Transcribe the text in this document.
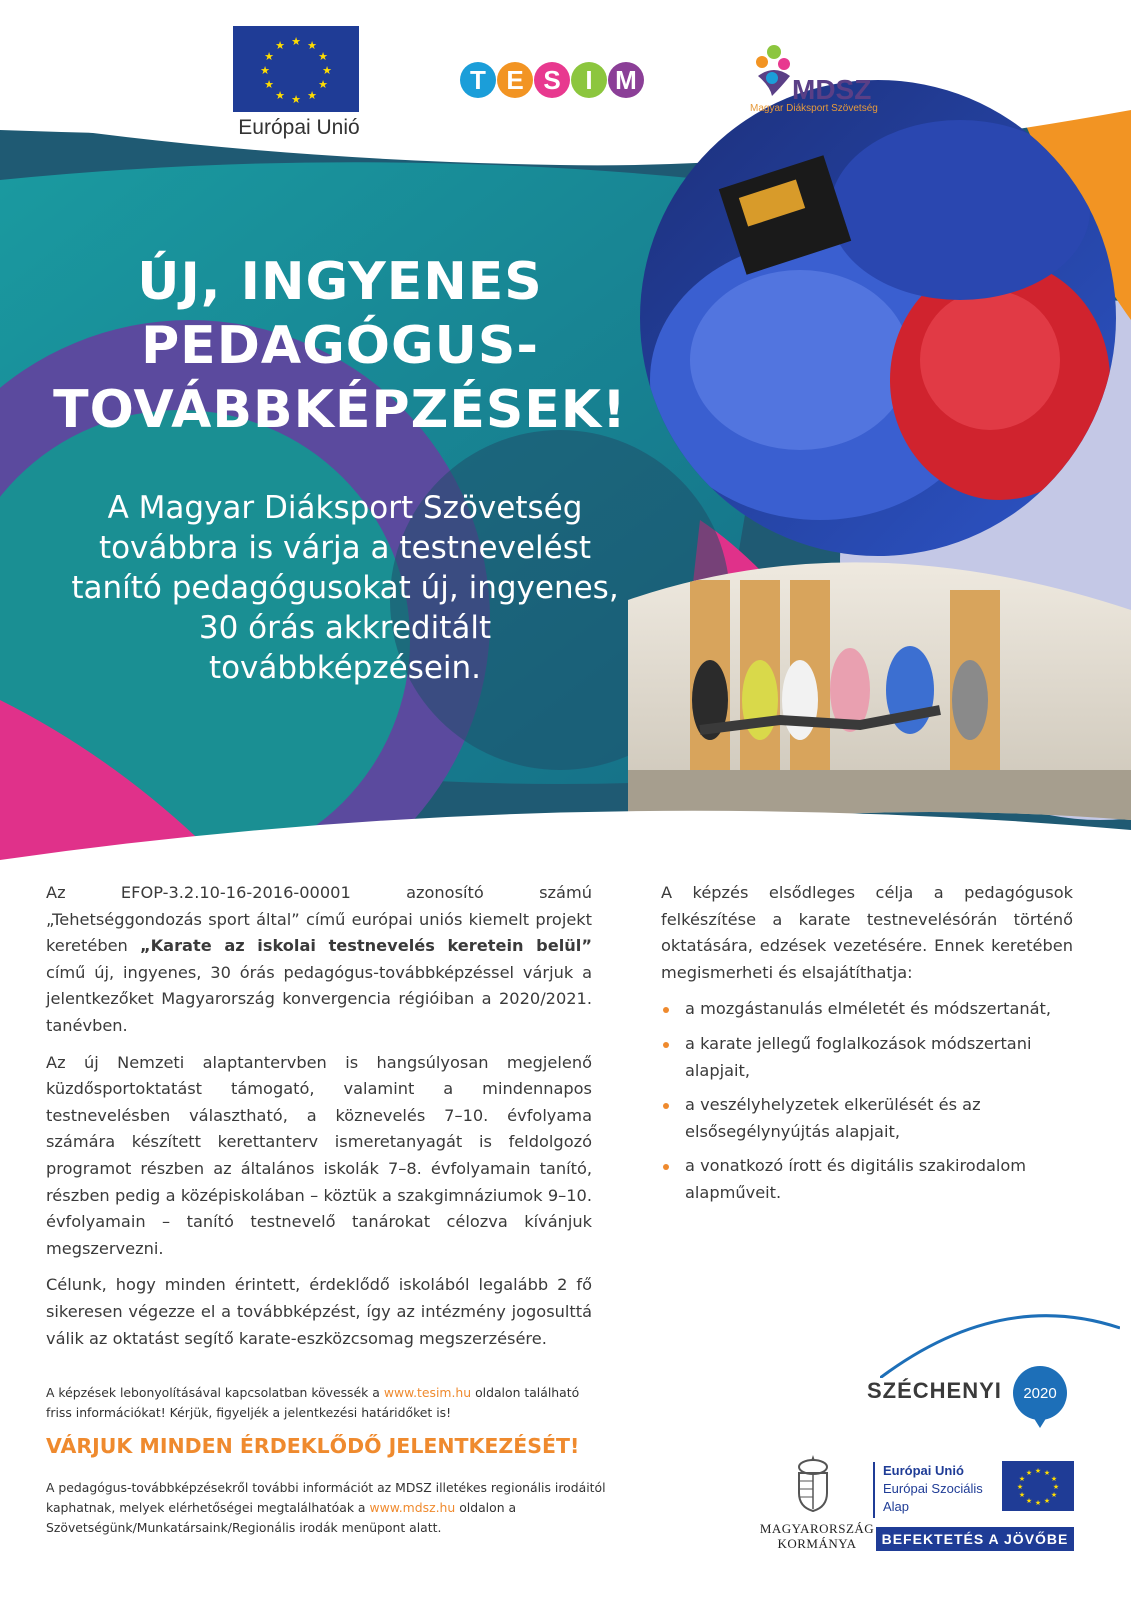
★ ★
★
★
★
★
★
★
★
★
★
★
Európai Unió
T E S I M	MDSZ
Magyar Diáksport Szövetség
ÚJ, INGYENES
PEDAGÓGUS-
TOVÁBBKÉPZÉSEK!
A Magyar Diáksport Szövetség
továbbra is várja a testnevelést
tanító pedagógusokat új, ingyenes,
30 órás akkreditált
továbbképzésein.

Az EFOP-3.2.10-16-2016-00001 azonosító számú „Tehetséggondozás sport által” című európai uniós kiemelt projekt keretében „Karate az iskolai testnevelés keretein belül” című új, ingyenes, 30 órás pedagógus-továbbképzéssel várjuk a jelentkezőket Magyarország konvergencia régióiban a 2020/2021. tanévben.

Az új Nemzeti alaptantervben is hangsúlyosan megjelenő küzdősportoktatást támogató, valamint a mindennapos testnevelésben választható, a köznevelés 7–10. évfolyama számára készített kerettanterv ismeretanyagát is feldolgozó programot részben az általános iskolák 7–8. évfolyamain tanító, részben pedig a középiskolában – köztük a szakgimnáziumok 9–10. évfolyamain – tanító testnevelő tanárokat célozva kívánjuk megszervezni.

Célunk, hogy minden érintett, érdeklődő iskolából legalább 2 fő sikeresen végezze el a továbbképzést, így az intézmény jogosulttá válik az oktatást segítő karate-eszközcsomag megszerzésére.

A képzés elsődleges célja a pedagógusok felkészítése a karate testnevelésórán történő oktatására, edzések vezetésére. Ennek keretében megismerheti és elsajátíthatja:

a mozgástanulás elméletét és módszertanát,
a karate jellegű foglalkozások módszertani alapjait,
a veszélyhelyzetek elkerülését és az elsősegélynyújtás alapjait,
a vonatkozó írott és digitális szakirodalom alapműveit.
A képzések lebonyolításával kapcsolatban kövessék a www.tesim.hu oldalon található friss információkat! Kérjük, figyeljék a jelentkezési határidőket is!
VÁRJUK MINDEN ÉRDEKLŐDŐ JELENTKEZÉSÉT!
A pedagógus-továbbképzésekről további információt az MDSZ illetékes regionális irodáitól kaphatnak, melyek elérhetőségei megtalálhatóak a www.mdsz.hu oldalon a Szövetségünk/Munkatársaink/Regionális irodák menüpont alatt.
SZÉCHENYI	2020
MAGYARORSZÁG
KORMÁNYA
Európai Unió
Európai Szociális
Alap
★ ★
★
★
★
★
★
★
★
★
★
★
BEFEKTETÉS A JÖVŐBE
